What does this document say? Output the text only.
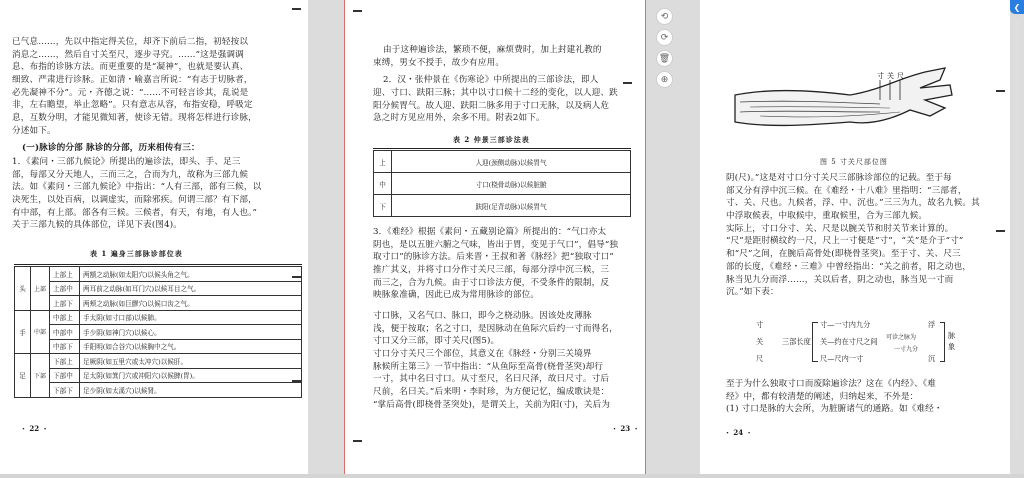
已气息……，先以中指定得关位，却齐下前后二指，初轻按以
消息之……，然后自寸关至尺，逐步寻究。……”这是强调调
息、布指的诊脉方法。而更重要的是“凝神”，也就是要认真、
细致、严肃进行诊脉。正如清・喻嘉言所说：“有志于切脉者，
必先凝神不分”。元・齐德之说：“……不可轻言诊其，乱说是
非，左右瞻望，举止忽略”。只有意志从容，布指安稳，呼吸定
息，互数分明，才能见微知著，使诊无错。现将怎样进行诊脉，
分述如下。
(一)脉诊的分部 脉诊的分部，历来相传有三：
1．《素问・三部九候论》所提出的遍诊法，即头、手、足三
部，每部又分天地人，三而三之，合而为九，故称为三部九候
法。如《素问・三部九候论》中指出：“人有三部，部有三候，以
决死生，以处百病，以调虚实，而除邪疾。何谓三部？有下部，
有中部，有上部。部各有三候。三候者，有天，有地，有人也。”
关于三部九候的具体部位，详见下表(图4)。
表 1 遍身三部脉诊部位表
头	上部	上部上	两额之动脉(如太阳穴)以候头角之气。
		上部中	两耳前之动脉(如耳门穴)以候耳目之气。
		上部下	两颊之动脉(如巨髎穴)以候口齿之气。
手	中部	中部上	手太阴(如寸口部)以候肺。
		中部中	手少阴(如神门穴)以候心。
		中部下	手阳明(如合谷穴)以候胸中之气。
足	下部	下部上	足厥阴(如五里穴或太冲穴)以候肝。
		下部中	足太阴(如箕门穴或冲阳穴)以候脾(胃)。
		下部下	足少阴(如太溪穴)以候肾。
・ 22 ・
由于这种遍诊法，繁琐不便，麻烦费时，加上封建礼教的
束缚，男女不授手，故少有应用。
2．汉・张仲景在《伤寒论》中所提出的三部诊法，即人
迎、寸口、趺阳三脉；其中以寸口候十二经的变化，以人迎、趺
阳分候胃气。故人迎、趺阳二脉多用于寸口无脉，以及病人危
急之时方见应用外，余多不用。附表2如下。
表 2 仲景三部诊法表
上	人迎(颈侧动脉)以候胃气
中	寸口(桡骨动脉)以候脏腑
下	趺阳(足背动脉)以候胃气
3．《难经》根据《素问・五藏别论篇》所提出的：“气口亦太
阴也，是以五脏六腑之气味，皆出于胃，变见于气口”，倡导“独
取寸口”的脉诊方法。后来晋・王叔和著《脉经》把“独取寸口”
推广其义，并将寸口分作寸关尺三部，每部分浮中沉三候，三
而三之，合为九候。由于寸口诊法方便，不受条件的限制，反
映脉象准确，因此已成为常用脉诊的部位。
寸口脉，又名气口、脉口，即今之桡动脉。因该处皮薄脉
浅，便于按取；名之寸口，是因脉动在鱼际穴后约一寸而得名，
寸口又分三部，即寸关尺(图5)。
寸口分寸关尺三个部位，其意义在《脉经・分别三关境界
脉候所主第三》一节中指出：“从鱼际至高骨(桡骨茎突)却行
一寸，其中名曰寸口。从寸至尺，名曰尺泽，故曰尺寸。寸后
尺前，名曰关。”后来明・李时珍，为方便记忆，编成歌诀是：
“掌后高骨(即桡骨茎突处)，是谓关上，关前为阳(寸)，关后为
・ 23 ・
⟲
⟳
🗑
⊕	寸 关 尺
图 5 寸关尺部位图
阴(尺)。”这是对寸口分寸关尺三部脉诊部位的记载。至于每
部又分有浮中沉三候。在《难经・十八难》里指明：“三部者，
寸、关、尺也。九候者，浮、中、沉也。”三三为九，故名九候。其
中浮取候表，中取候中，重取候里，合为三部九候。
实际上，寸口分寸、关、尺是以腕关节和肘关节来计算的。
“尺”是距肘横纹约一尺，尺上一寸便是“寸”，“关”是介于“寸”
和“尺”之间，在腕后高骨处(即桡骨茎突)。至于寸、关、尺三
部的长度，《难经・三难》中曾经指出：“关之前者，阳之动也，
脉当见九分而浮……，关以后者，阴之动也，脉当见一寸而
沉。”如下表：
寸
关
尺
三部长度
寸—一寸内九分
关—约在寸尺之间
尺—尺内一寸
可诊之脉为
一寸九分
浮
沉
脉象
至于为什么独取寸口而废除遍诊法？这在《内经》、《难
经》中，都有较清楚的阐述，归纳起来，不外是：
(1) 寸口是脉的大会所，为脏腑诸气的通路。如《难经・
・ 24 ・
❮
